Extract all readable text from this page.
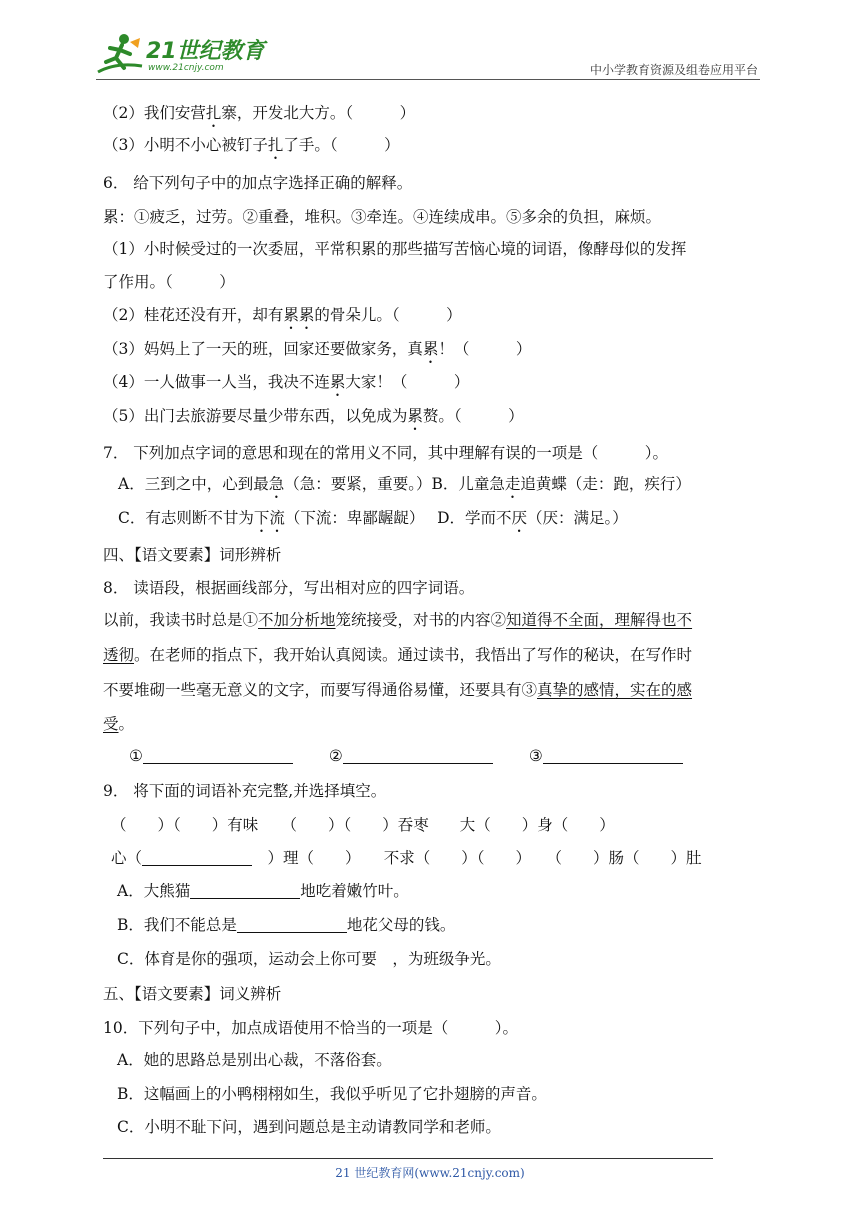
21世纪教育
www.21cnjy.com	中小学教育资源及组卷应用平台
（2）我们安营扎寨，开发北大方。（　　　）
（3）小明不小心被钉子扎了手。（　　　）
6． 给下列句子中的加点字选择正确的解释。
累：①疲乏，过劳。②重叠，堆积。③牵连。④连续成串。⑤多余的负担，麻烦。
（1）小时候受过的一次委屈，平常积累的那些描写苦恼心境的词语，像酵母似的发挥
了作用。（　　　）
（2）桂花还没有开，却有累累的骨朵儿。（　　　）
（3）妈妈上了一天的班，回家还要做家务，真累！（　　　）
（4）一人做事一人当，我决不连累大家！（　　　）
（5）出门去旅游要尽量少带东西，以免成为累赘。（　　　）
7． 下列加点字词的意思和现在的常用义不同，其中理解有误的一项是（　　　）。
A．三到之中，心到最急（急：要紧，重要。）B．儿童急走追黄蝶（走：跑，疾行）
C．有志则断不甘为下流（下流：卑鄙龌龊）　 D．学而不厌（厌：满足。）
四、【语文要素】词形辨析
8． 读语段，根据画线部分，写出相对应的四字词语。
以前，我读书时总是①不加分析地笼统接受，对书的内容②知道得不全面，理解得也不
透彻。在老师的指点下，我开始认真阅读。通过读书，我悟出了写作的秘诀，在写作时
不要堆砌一些毫无意义的文字，而要写得通俗易懂，还要具有③真挚的感情，实在的感
受。
①	②	③
9． 将下面的词语补充完整,并选择填空。
（　　）（　　）有味　　（　　）（　　）吞枣　　大（　　）身（　　）
心（	　）理（　　）　　不求（　　）（　　）　　（　　）肠（　　）肚
A．大熊猫	地吃着嫩竹叶。
B．我们不能总是	地花父母的钱。
C．体育是你的强项，运动会上你可要　，为班级争光。
五、【语文要素】词义辨析
10．下列句子中，加点成语使用不恰当的一项是（　　　）。
A．她的思路总是别出心裁，不落俗套。
B．这幅画上的小鸭栩栩如生，我似乎听见了它扑翅膀的声音。
C．小明不耻下问，遇到问题总是主动请教同学和老师。
21 世纪教育网(www.21cnjy.com)
